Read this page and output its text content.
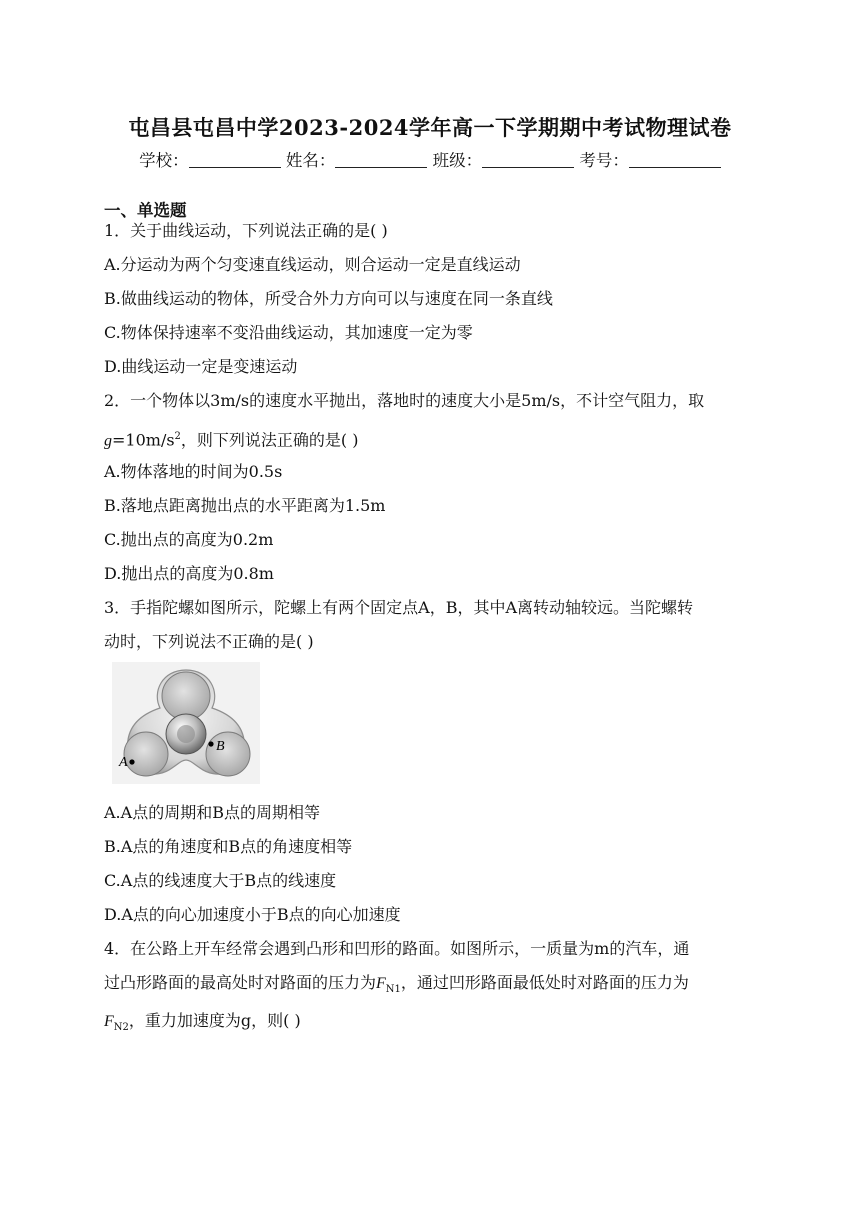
屯昌县屯昌中学2023-2024学年高一下学期期中考试物理试卷
学校：	姓名：	班级：	考号：
一、单选题
1．关于曲线运动，下列说法正确的是( )
A.分运动为两个匀变速直线运动，则合运动一定是直线运动
B.做曲线运动的物体，所受合外力方向可以与速度在同一条直线
C.物体保持速率不变沿曲线运动，其加速度一定为零
D.曲线运动一定是变速运动
2．一个物体以3m/s的速度水平抛出，落地时的速度大小是5m/s，不计空气阻力，取
$g=10m/s^2$，则下列说法正确的是( )
A.物体落地的时间为0.5s
B.落地点距离抛出点的水平距离为1.5m
C.抛出点的高度为0.2m
D.抛出点的高度为0.8m
3．手指陀螺如图所示，陀螺上有两个固定点A，B，其中A离转动轴较远。当陀螺转
动时，下列说法不正确的是( )
B
A
A.A点的周期和B点的周期相等
B.A点的角速度和B点的角速度相等
C.A点的线速度大于B点的线速度
D.A点的向心加速度小于B点的向心加速度
4．在公路上开车经常会遇到凸形和凹形的路面。如图所示，一质量为m的汽车，通
过凸形路面的最高处时对路面的压力为$F_{N1}$，通过凹形路面最低处时对路面的压力为
$F_{N2}$，重力加速度为g，则( )
